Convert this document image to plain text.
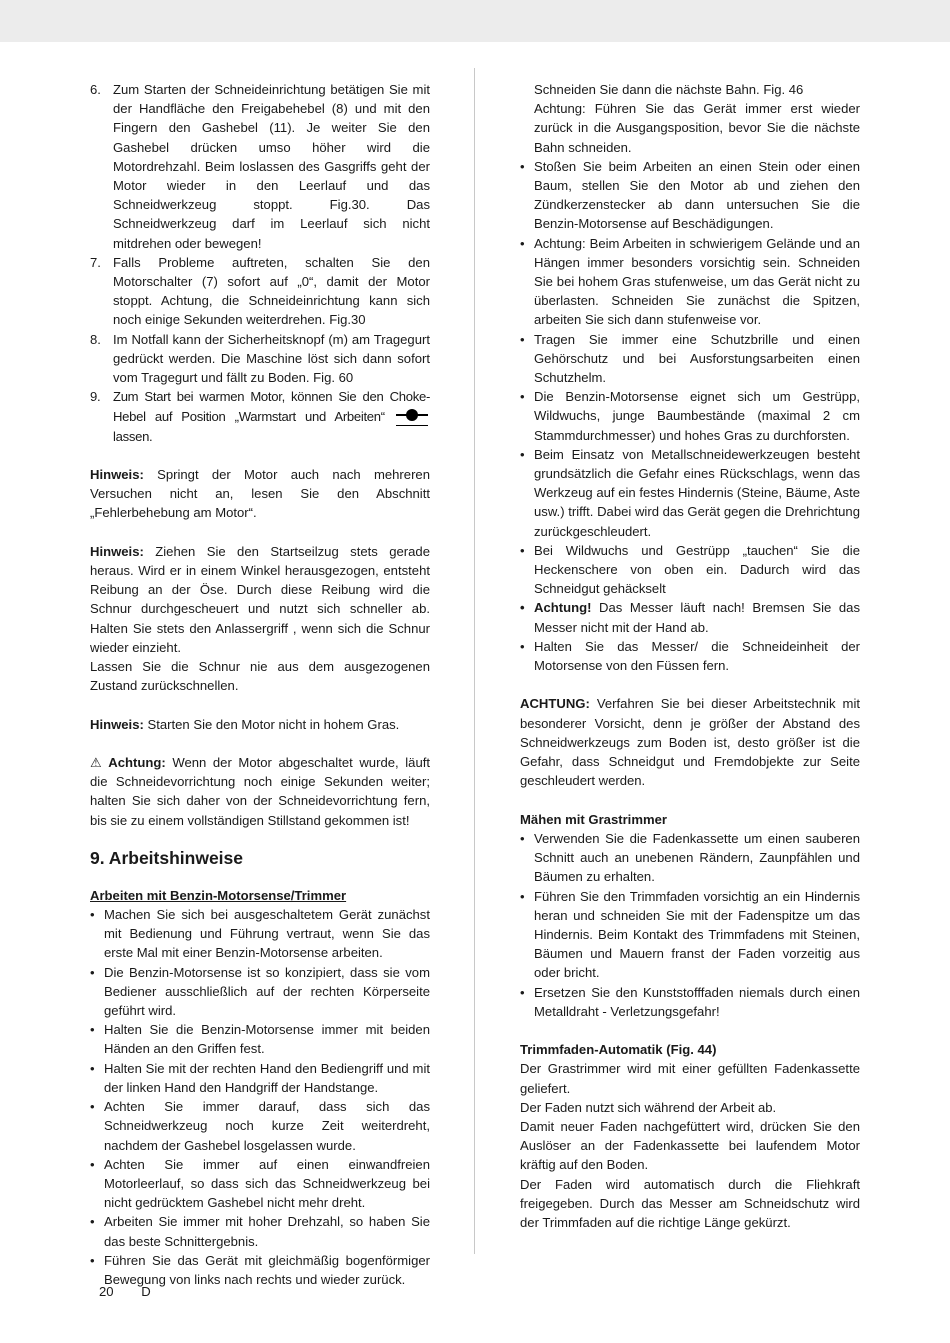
6. Zum Starten der Schneideinrichtung betätigen Sie mit der Handfläche den Freigabehebel (8) und mit den Fingern den Gashebel (11). Je weiter Sie den Gashebel drücken umso höher wird die Motordrehzahl. Beim loslassen des Gasgriffs geht der Motor wieder in den Leerlauf und das Schneidwerkzeug stoppt. Fig.30. Das Schneidwerkzeug darf im Leerlauf sich nicht mitdrehen oder bewegen!
7. Falls Probleme auftreten, schalten Sie den Motorschalter (7) sofort auf „0“, damit der Motor stoppt. Achtung, die Schneideinrichtung kann sich noch einige Sekunden weiterdrehen. Fig.30
8. Im Notfall kann der Sicherheitsknopf (m) am Tragegurt gedrückt werden. Die Maschine löst sich dann sofort vom Tragegurt und fällt zu Boden. Fig. 60
9. Zum Start bei warmen Motor, können Sie den Choke-Hebel auf Position „Warmstart und Arbeiten“
lassen.

Hinweis: Springt der Motor auch nach mehreren Versuchen nicht an, lesen Sie den Abschnitt „Fehlerbehebung am Motor“.

Hinweis: Ziehen Sie den Startseilzug stets gerade heraus. Wird er in einem Winkel herausgezogen, entsteht Reibung an der Öse. Durch diese Reibung wird die Schnur durchgescheuert und nutzt sich schneller ab. Halten Sie stets den Anlassergriff , wenn sich die Schnur wieder einzieht.

Lassen Sie die Schnur nie aus dem ausgezogenen Zustand zurückschnellen.

Hinweis: Starten Sie den Motor nicht in hohem Gras.

⚠ Achtung: Wenn der Motor abgeschaltet wurde, läuft die Schneidevorrichtung noch einige Sekunden weiter; halten Sie sich daher von der Schneidevorrichtung fern, bis sie zu einem vollständigen Stillstand gekommen ist!

9. Arbeitshinweise

Arbeiten mit Benzin-Motorsense/Trimmer

• Machen Sie sich bei ausgeschaltetem Gerät zunächst mit Bedienung und Führung vertraut, wenn Sie das erste Mal mit einer Benzin-Motorsense arbeiten.
• Die Benzin-Motorsense ist so konzipiert, dass sie vom Bediener ausschließlich auf der rechten Körperseite geführt wird.
• Halten Sie die Benzin-Motorsense immer mit beiden Händen an den Griffen fest.
• Halten Sie mit der rechten Hand den Bediengriff und mit der linken Hand den Handgriff der Handstange.
• Achten Sie immer darauf, dass sich das Schneidwerkzeug noch kurze Zeit weiterdreht, nachdem der Gashebel losgelassen wurde.
• Achten Sie immer auf einen einwandfreien Motorleerlauf, so dass sich das Schneidwerkzeug bei nicht gedrücktem Gashebel nicht mehr dreht.
• Arbeiten Sie immer mit hoher Drehzahl, so haben Sie das beste Schnittergebnis.
• Führen Sie das Gerät mit gleichmäßig bogenförmiger Bewegung von links nach rechts und wieder zurück.

Schneiden Sie dann die nächste Bahn. Fig. 46

Achtung: Führen Sie das Gerät immer erst wieder zurück in die Ausgangsposition, bevor Sie die nächste Bahn schneiden.

• Stoßen Sie beim Arbeiten an einen Stein oder einen Baum, stellen Sie den Motor ab und ziehen den Zündkerzenstecker ab dann untersuchen Sie die Benzin-Motorsense auf Beschädigungen.
• Achtung: Beim Arbeiten in schwierigem Gelände und an Hängen immer besonders vorsichtig sein. Schneiden Sie bei hohem Gras stufenweise, um das Gerät nicht zu überlasten. Schneiden Sie zunächst die Spitzen, arbeiten Sie sich dann stufenweise vor.
• Tragen Sie immer eine Schutzbrille und einen Gehörschutz und bei Ausforstungsarbeiten einen Schutzhelm.
• Die Benzin-Motorsense eignet sich um Gestrüpp, Wildwuchs, junge Baumbestände (maximal 2 cm Stammdurchmesser) und hohes Gras zu durchforsten.
• Beim Einsatz von Metallschneidewerkzeugen besteht grundsätzlich die Gefahr eines Rückschlags, wenn das Werkzeug auf ein festes Hindernis (Steine, Bäume, Aste usw.) trifft. Dabei wird das Gerät gegen die Drehrichtung zurückgeschleudert.
• Bei Wildwuchs und Gestrüpp „tauchen“ Sie die Heckenschere von oben ein. Dadurch wird das Schneidgut gehäckselt
• Achtung! Das Messer läuft nach! Bremsen Sie das Messer nicht mit der Hand ab.
• Halten Sie das Messer/ die Schneideinheit der Motorsense von den Füssen fern.

ACHTUNG: Verfahren Sie bei dieser Arbeitstechnik mit besonderer Vorsicht, denn je größer der Abstand des Schneidwerkzeugs zum Boden ist, desto größer ist die Gefahr, dass Schneidgut und Fremdobjekte zur Seite geschleudert werden.

Mähen mit Grastrimmer

• Verwenden Sie die Fadenkassette um einen sauberen Schnitt auch an unebenen Rändern, Zaunpfählen und Bäumen zu erhalten.
• Führen Sie den Trimmfaden vorsichtig an ein Hindernis heran und schneiden Sie mit der Fadenspitze um das Hindernis. Beim Kontakt des Trimmfadens mit Steinen, Bäumen und Mauern franst der Faden vorzeitig aus oder bricht.
• Ersetzen Sie den Kunststofffaden niemals durch einen Metalldraht - Verletzungsgefahr!

Trimmfaden-Automatik (Fig. 44)

Der Grastrimmer wird mit einer gefüllten Fadenkassette geliefert.

Der Faden nutzt sich während der Arbeit ab.

Damit neuer Faden nachgefüttert wird, drücken Sie den Auslöser an der Fadenkassette bei laufendem Motor kräftig auf den Boden.

Der Faden wird automatisch durch die Fliehkraft freigegeben. Durch das Messer am Schneidschutz wird der Trimmfaden auf die richtige Länge gekürzt.

20 D
